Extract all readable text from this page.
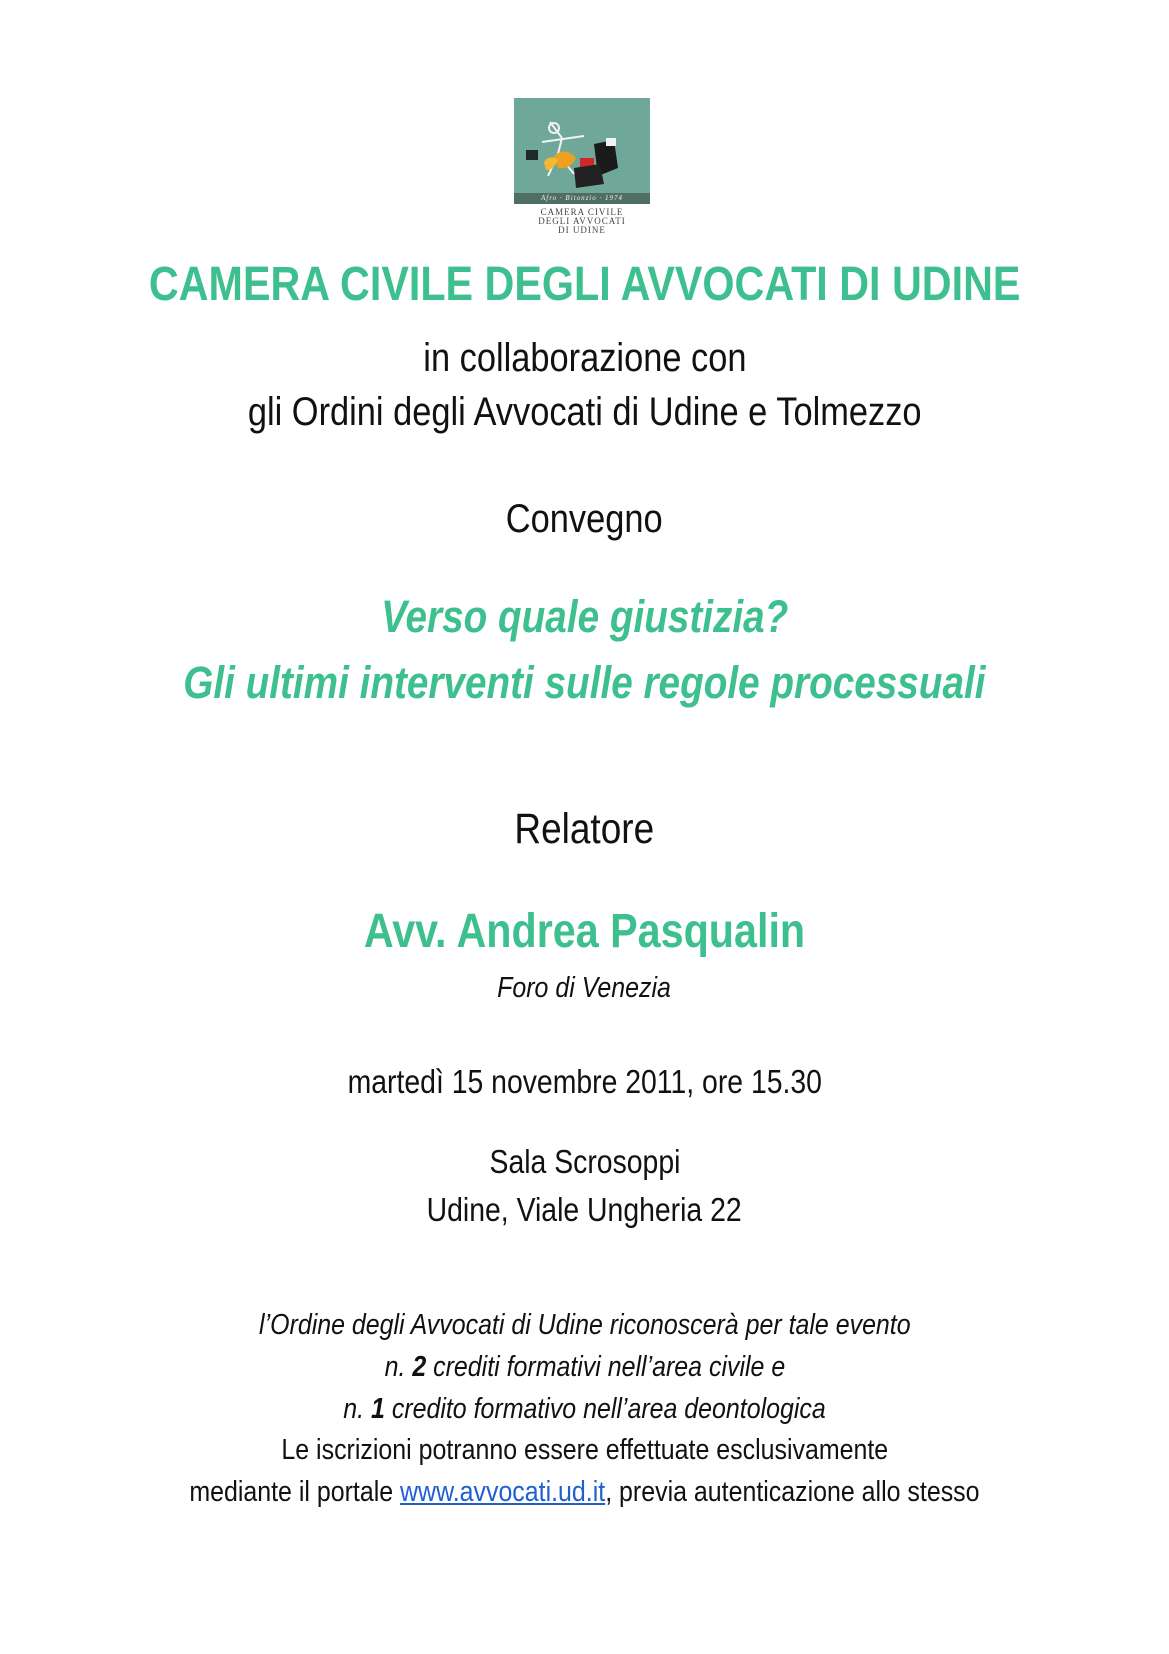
Afro · Bitonzio · 1974
CAMERA CIVILE
DEGLI AVVOCATI
DI UDINE
CAMERA CIVILE DEGLI AVVOCATI DI UDINE
in collaborazione con
gli Ordini degli Avvocati di Udine e Tolmezzo
Convegno
Verso quale giustizia?
Gli ultimi interventi sulle regole processuali
Relatore
Avv. Andrea Pasqualin
Foro di Venezia
martedì 15 novembre 2011, ore 15.30
Sala Scrosoppi
Udine, Viale Ungheria 22
l’Ordine degli Avvocati di Udine riconoscerà per tale evento
n. 2 crediti formativi nell’area civile e
n. 1 credito formativo nell’area deontologica
Le iscrizioni potranno essere effettuate esclusivamente
mediante il portale www.avvocati.ud.it, previa autenticazione allo stesso
